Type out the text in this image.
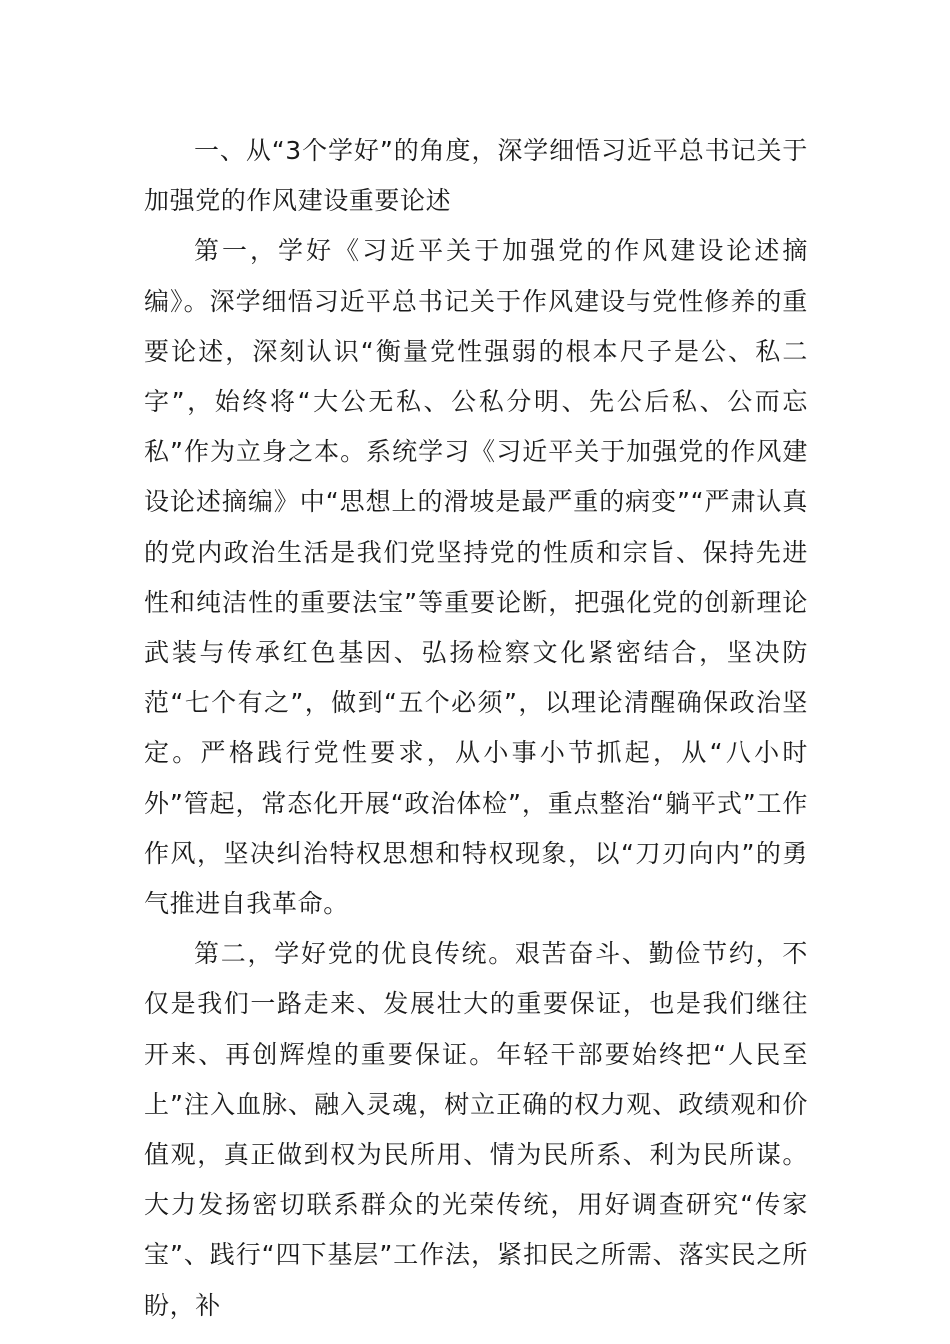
一、从“3个学好”的角度，深学细悟习近平总书记关于加强党的作风建设重要论述

第一，学好《习近平关于加强党的作风建设论述摘编》。深学细悟习近平总书记关于作风建设与党性修养的重要论述，深刻认识“衡量党性强弱的根本尺子是公、私二字”，始终将“大公无私、公私分明、先公后私、公而忘私”作为立身之本。系统学习《习近平关于加强党的作风建设论述摘编》中“思想上的滑坡是最严重的病变”“严肃认真的党内政治生活是我们党坚持党的性质和宗旨、保持先进性和纯洁性的重要法宝”等重要论断，把强化党的创新理论武装与传承红色基因、弘扬检察文化紧密结合，坚决防范“七个有之”，做到“五个必须”，以理论清醒确保政治坚定。严格践行党性要求，从小事小节抓起，从“八小时外”管起，常态化开展“政治体检”，重点整治“躺平式”工作作风，坚决纠治特权思想和特权现象，以“刀刃向内”的勇气推进自我革命。

第二，学好党的优良传统。艰苦奋斗、勤俭节约，不仅是我们一路走来、发展壮大的重要保证，也是我们继往开来、再创辉煌的重要保证。年轻干部要始终把“人民至上”注入血脉、融入灵魂，树立正确的权力观、政绩观和价值观，真正做到权为民所用、情为民所系、利为民所谋。大力发扬密切联系群众的光荣传统，用好调查研究“传家宝”、践行“四下基层”工作法，紧扣民之所需、落实民之所盼，补
